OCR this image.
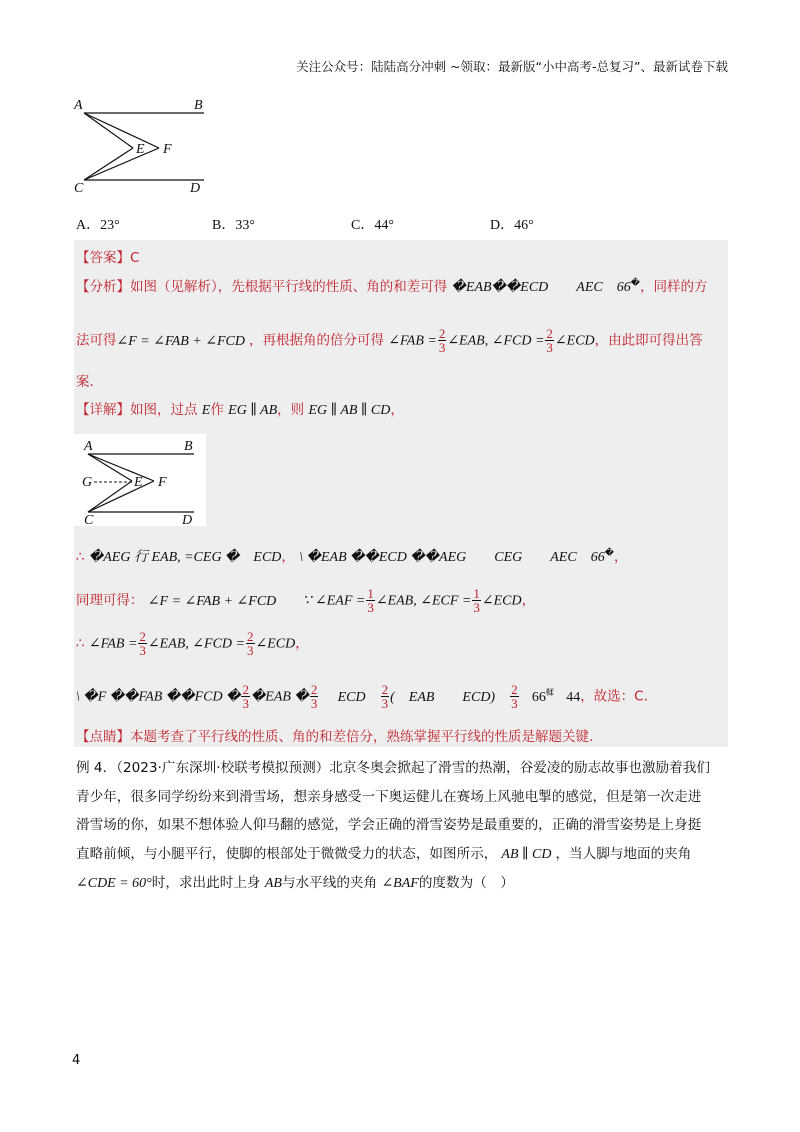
关注公众号：陆陆高分冲刺 ~领取：最新版“小中高考-总复习”、最新试卷下载
A	B
C	D
E F
A．23°	B．33°	C．44°	D．46°
【答案】C
【分析】如图（见解析），先根据平行线的性质、角的和差可得 �EAB��ECD　　AEC　66�，同样的方
法可得∠F = ∠FAB + ∠FCD ，再根据角的倍分可得 ∠FAB = $\frac{2}{3}$ ∠EAB, ∠FCD = $\frac{2}{3}$ ∠ECD，由此即可得出答
案.
【详解】如图，过点 E作 EG ∥ AB，则 EG ∥ AB ∥ CD，
A	B
C	D
E F
G
∴ �AEG 行 EAB, =CEG �　ECD， \ �EAB ��ECD ��AEG　　CEG　　AEC　66�，
同理可得： ∠F = ∠FAB + ∠FCD ∵ ∠EAF = $\frac{1}{3}$ ∠EAB, ∠ECF = $\frac{1}{3}$ ∠ECD，
∴ ∠FAB = $\frac{2}{3}$ ∠EAB, ∠FCD = $\frac{2}{3}$ ∠ECD，
\ �F ��FAB ��FCD � $\frac{2}{3}$ �EAB � $\frac{2}{3}$ ECD $\frac{2}{3}$ (　EAB　　$ECD) \frac{2}{3} 66^鞣$ 44，故选：C.
【点睛】本题考查了平行线的性质、角的和差倍分，熟练掌握平行线的性质是解题关键.
例 4．（2023·广东深圳·校联考模拟预测）北京冬奥会掀起了滑雪的热潮，谷爱凌的励志故事也激励着我们
青少年，很多同学纷纷来到滑雪场，想亲身感受一下奥运健儿在赛场上风驰电掣的感觉，但是第一次走进
滑雪场的你，如果不想体验人仰马翻的感觉，学会正确的滑雪姿势是最重要的，正确的滑雪姿势是上身挺
直略前倾，与小腿平行，使脚的根部处于微微受力的状态，如图所示， AB ∥ CD ，当人脚与地面的夹角
∠CDE = 60°时，求出此时上身 AB与水平线的夹角 ∠BAF的度数为（　）
4
